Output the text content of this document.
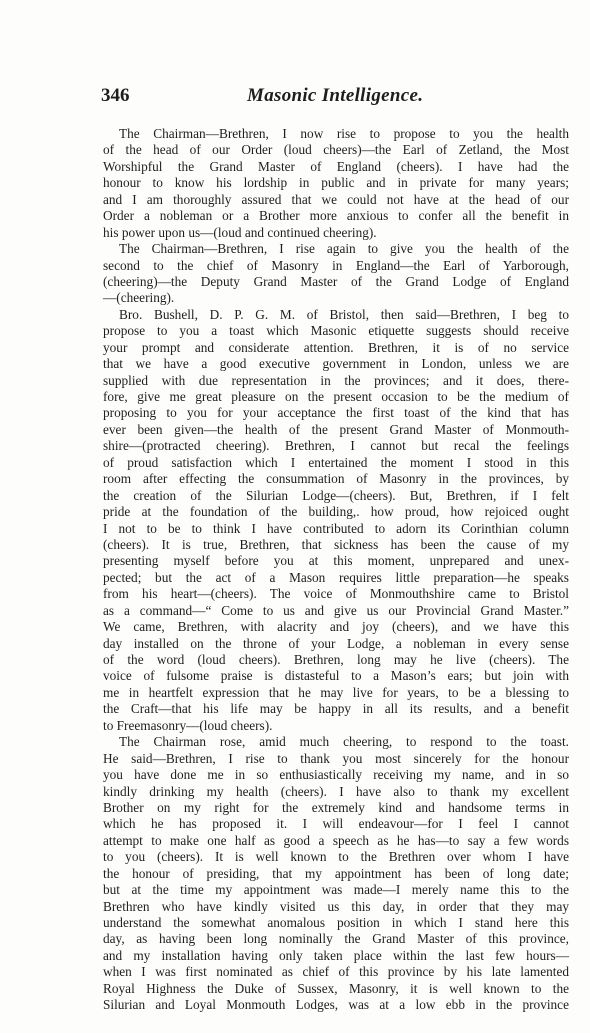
346	Masonic Intelligence.
The Chairman—Brethren, I now rise to propose to you the health
of the head of our Order (loud cheers)—the Earl of Zetland, the Most
Worshipful the Grand Master of England (cheers). I have had the
honour to know his lordship in public and in private for many years;
and I am thoroughly assured that we could not have at the head of our
Order a nobleman or a Brother more anxious to confer all the benefit in
his power upon us—(loud and continued cheering).
The Chairman—Brethren, I rise again to give you the health of the
second to the chief of Masonry in England—the Earl of Yarborough,
(cheering)—the Deputy Grand Master of the Grand Lodge of England
—(cheering).
Bro. Bushell, D. P. G. M. of Bristol, then said—Brethren, I beg to
propose to you a toast which Masonic etiquette suggests should receive
your prompt and considerate attention. Brethren, it is of no service
that we have a good executive government in London, unless we are
supplied with due representation in the provinces; and it does, there-
fore, give me great pleasure on the present occasion to be the medium of
proposing to you for your acceptance the first toast of the kind that has
ever been given—the health of the present Grand Master of Monmouth-
shire—(protracted cheering). Brethren, I cannot but recal the feelings
of proud satisfaction which I entertained the moment I stood in this
room after effecting the consummation of Masonry in the provinces, by
the creation of the Silurian Lodge—(cheers). But, Brethren, if I felt
pride at the foundation of the building,. how proud, how rejoiced ought
I not to be to think I have contributed to adorn its Corinthian column
(cheers). It is true, Brethren, that sickness has been the cause of my
presenting myself before you at this moment, unprepared and unex-
pected; but the act of a Mason requires little preparation—he speaks
from his heart—(cheers). The voice of Monmouthshire came to Bristol
as a command—“ Come to us and give us our Provincial Grand Master.”
We came, Brethren, with alacrity and joy (cheers), and we have this
day installed on the throne of your Lodge, a nobleman in every sense
of the word (loud cheers). Brethren, long may he live (cheers). The
voice of fulsome praise is distasteful to a Mason’s ears; but join with
me in heartfelt expression that he may live for years, to be a blessing to
the Craft—that his life may be happy in all its results, and a benefit
to Freemasonry—(loud cheers).
The Chairman rose, amid much cheering, to respond to the toast.
He said—Brethren, I rise to thank you most sincerely for the honour
you have done me in so enthusiastically receiving my name, and in so
kindly drinking my health (cheers). I have also to thank my excellent
Brother on my right for the extremely kind and handsome terms in
which he has proposed it. I will endeavour—for I feel I cannot
attempt to make one half as good a speech as he has—to say a few words
to you (cheers). It is well known to the Brethren over whom I have
the honour of presiding, that my appointment has been of long date;
but at the time my appointment was made—I merely name this to the
Brethren who have kindly visited us this day, in order that they may
understand the somewhat anomalous position in which I stand here this
day, as having been long nominally the Grand Master of this province,
and my installation having only taken place within the last few hours—
when I was first nominated as chief of this province by his late lamented
Royal Highness the Duke of Sussex, Masonry, it is well known to the
Silurian and Loyal Monmouth Lodges, was at a low ebb in the province
